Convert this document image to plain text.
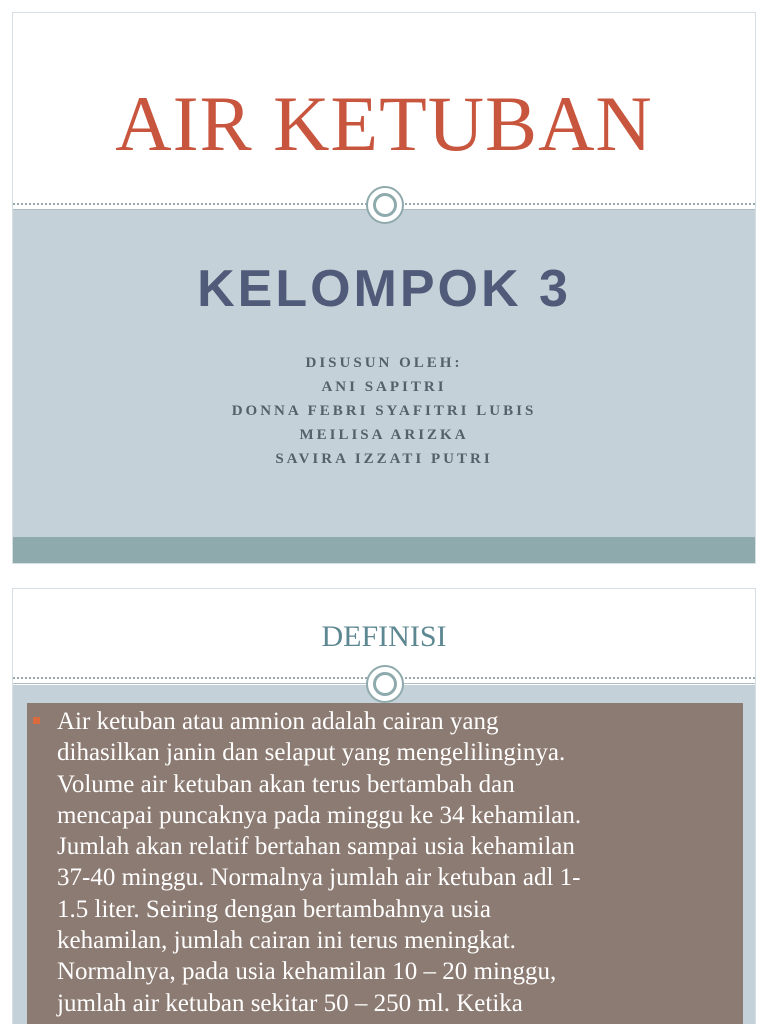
AIR KETUBAN
KELOMPOK 3
DISUSUN OLEH:
ANI SAPITRI
DONNA FEBRI SYAFITRI LUBIS
MEILISA ARIZKA
SAVIRA IZZATI PUTRI
DEFINISI
Air ketuban atau amnion adalah cairan yang
dihasilkan janin dan selaput yang mengelilinginya.
Volume air ketuban akan terus bertambah dan
mencapai puncaknya pada minggu ke 34 kehamilan.
Jumlah akan relatif bertahan sampai usia kehamilan
37-40 minggu. Normalnya jumlah air ketuban adl 1-
1.5 liter. Seiring dengan bertambahnya usia
kehamilan, jumlah cairan ini terus meningkat.
Normalnya, pada usia kehamilan 10 – 20 minggu,
jumlah air ketuban sekitar 50 – 250 ml. Ketika
